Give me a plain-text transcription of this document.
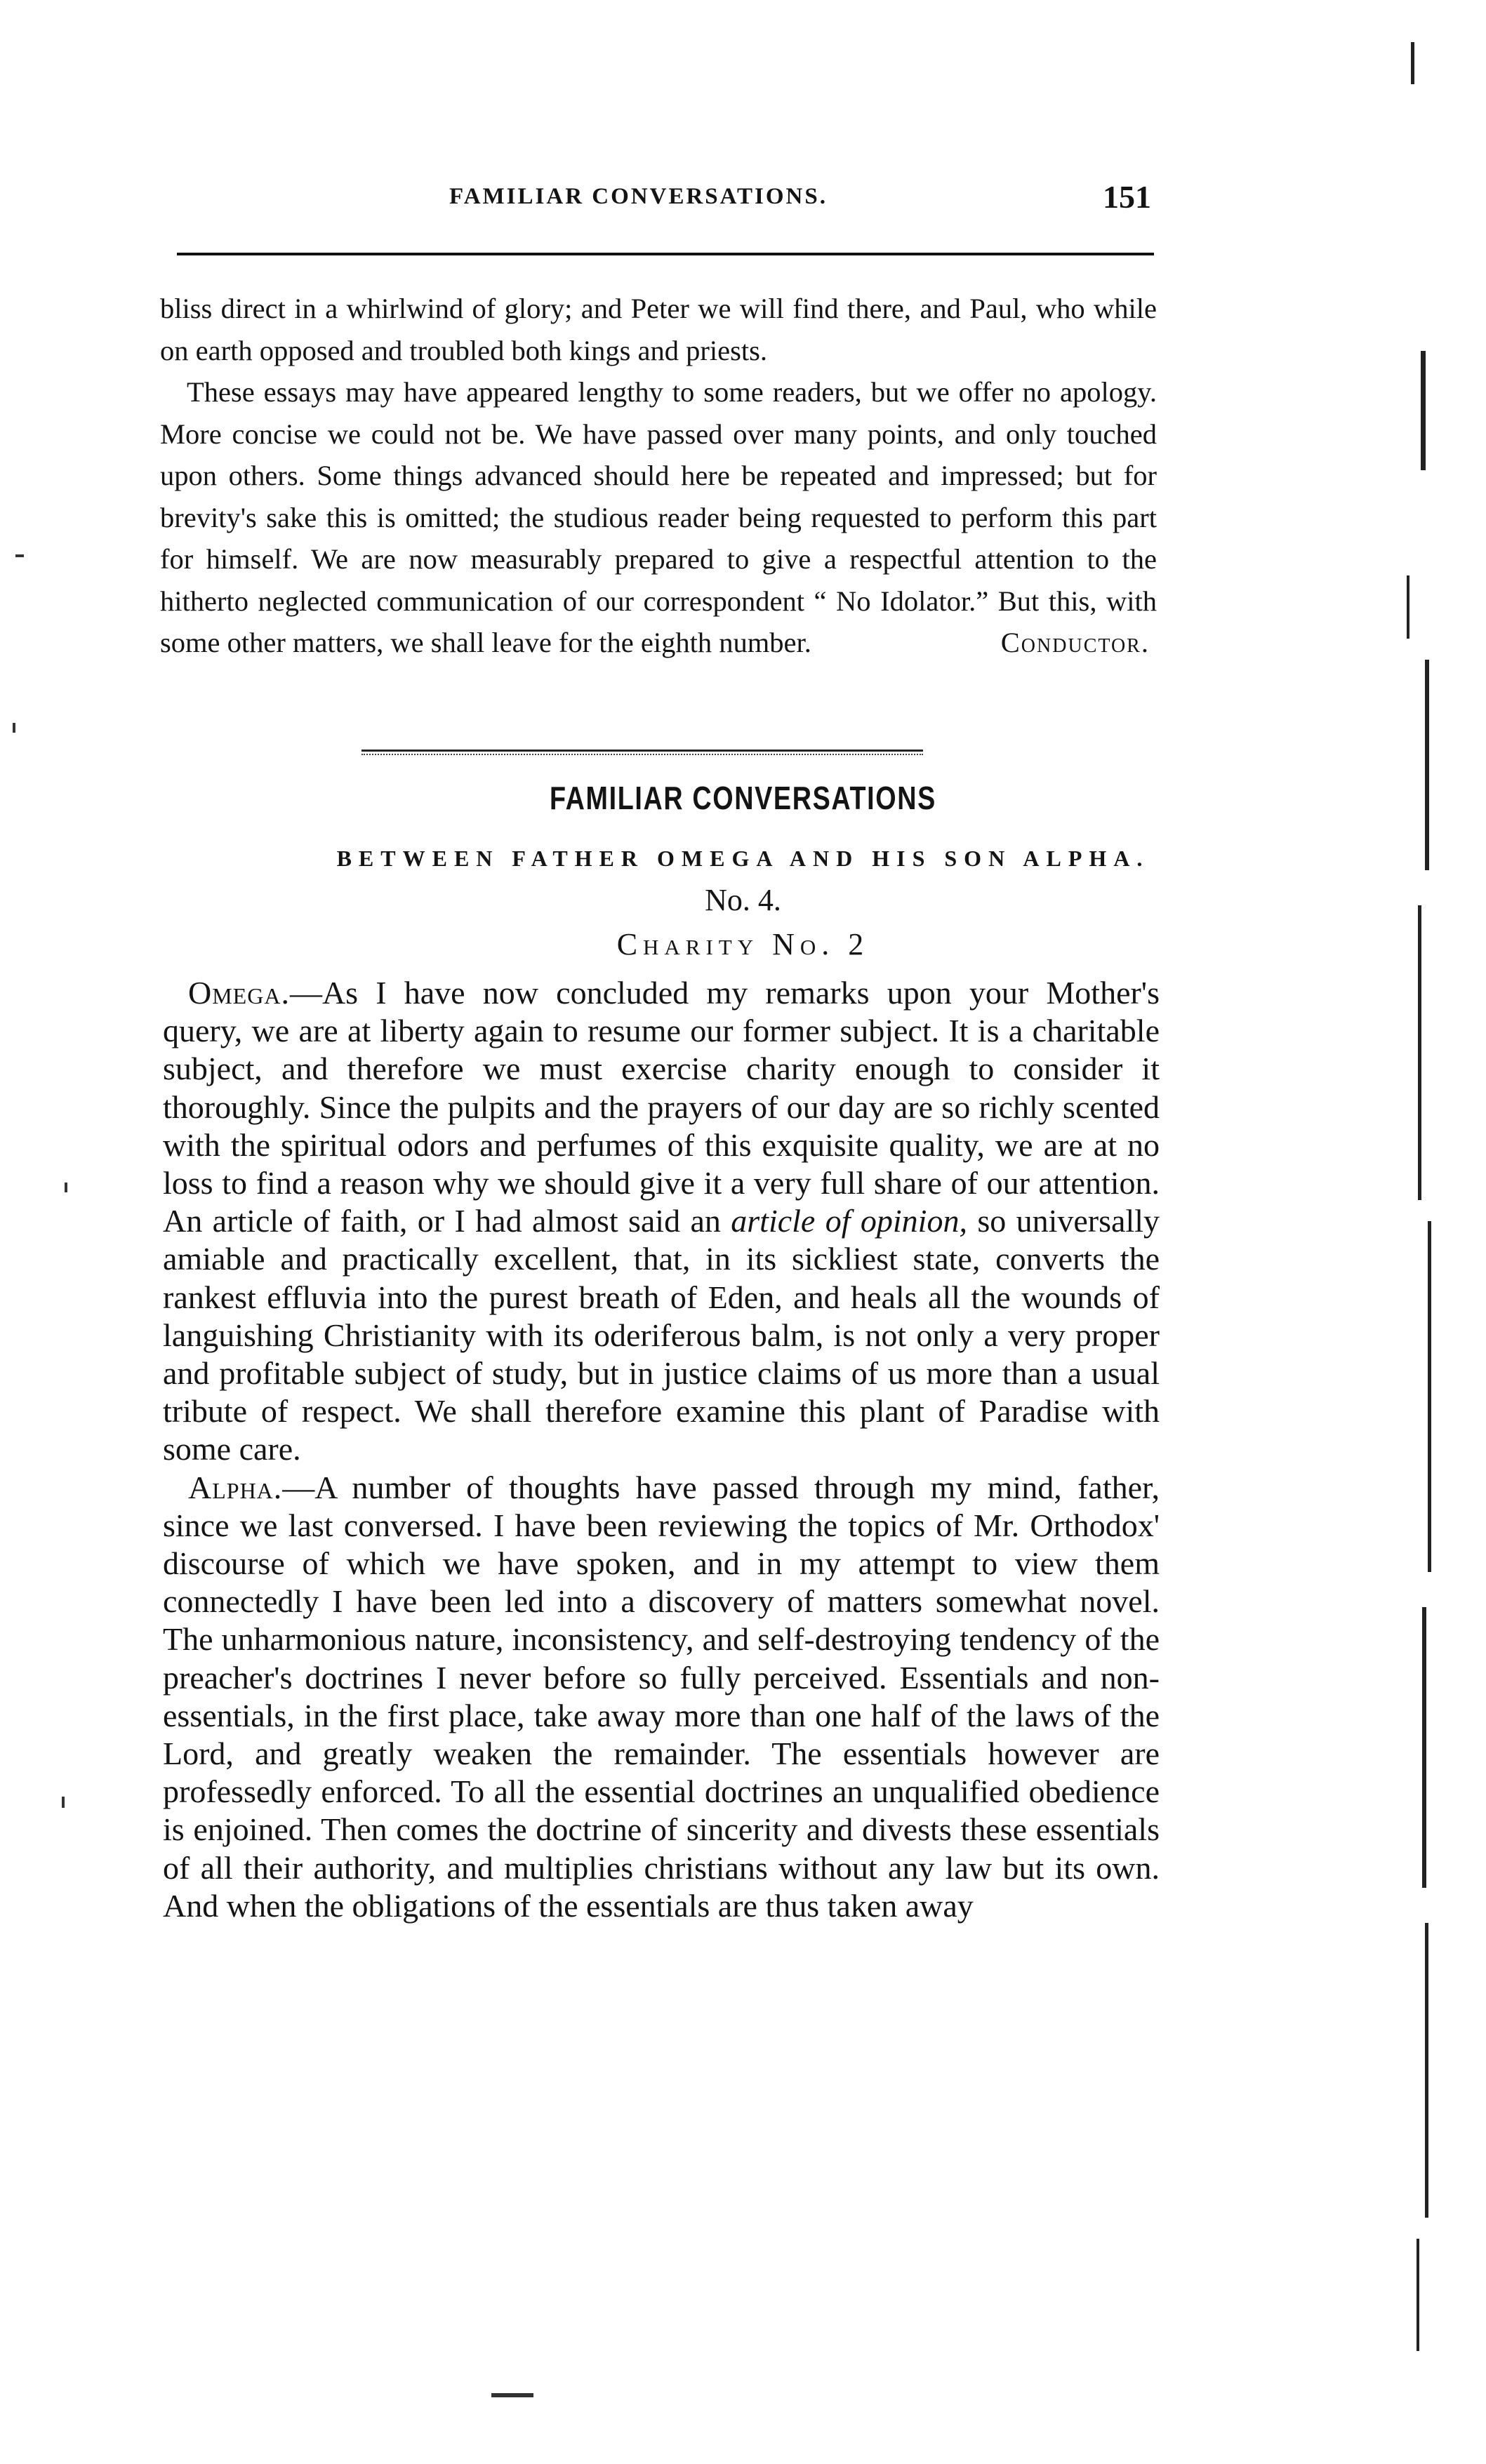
FAMILIAR CONVERSATIONS.	151

bliss direct in a whirlwind of glory; and Peter we will find there, and Paul, who while on earth opposed and troubled both kings and priests.

These essays may have appeared lengthy to some readers, but we offer no apology. More concise we could not be. We have passed over many points, and only touched upon others. Some things advanced should here be repeated and impressed; but for brevity's sake this is omitted; the studious reader being requested to perform this part for himself. We are now measurably prepared to give a respectful attention to the hitherto neglected communication of our correspondent “ No Idolator.” But this, with some other matters, we shall leave for the eighth number.	Conductor.

FAMILIAR CONVERSATIONS
BETWEEN FATHER OMEGA AND HIS SON ALPHA.
No. 4.
Charity No. 2

Omega.—As I have now concluded my remarks upon your Mother's query, we are at liberty again to resume our former subject. It is a charitable subject, and therefore we must exercise charity enough to consider it thoroughly. Since the pulpits and the prayers of our day are so richly scented with the spiritual odors and perfumes of this exquisite quality, we are at no loss to find a reason why we should give it a very full share of our attention. An article of faith, or I had almost said an article of opinion, so universally amiable and practically excellent, that, in its sickliest state, converts the rankest effluvia into the purest breath of Eden, and heals all the wounds of languishing Christianity with its oderiferous balm, is not only a very proper and profitable subject of study, but in justice claims of us more than a usual tribute of respect. We shall therefore examine this plant of Paradise with some care.

Alpha.—A number of thoughts have passed through my mind, father, since we last conversed. I have been reviewing the topics of Mr. Orthodox' discourse of which we have spoken, and in my attempt to view them connectedly I have been led into a discovery of matters somewhat novel. The unharmonious nature, inconsistency, and self-destroying tendency of the preacher's doctrines I never before so fully perceived. Essentials and non-essentials, in the first place, take away more than one half of the laws of the Lord, and greatly weaken the remainder. The essentials however are professedly enforced. To all the essential doctrines an unqualified obedience is enjoined. Then comes the doctrine of sincerity and divests these essentials of all their authority, and multiplies christians without any law but its own. And when the obligations of the essentials are thus taken away
